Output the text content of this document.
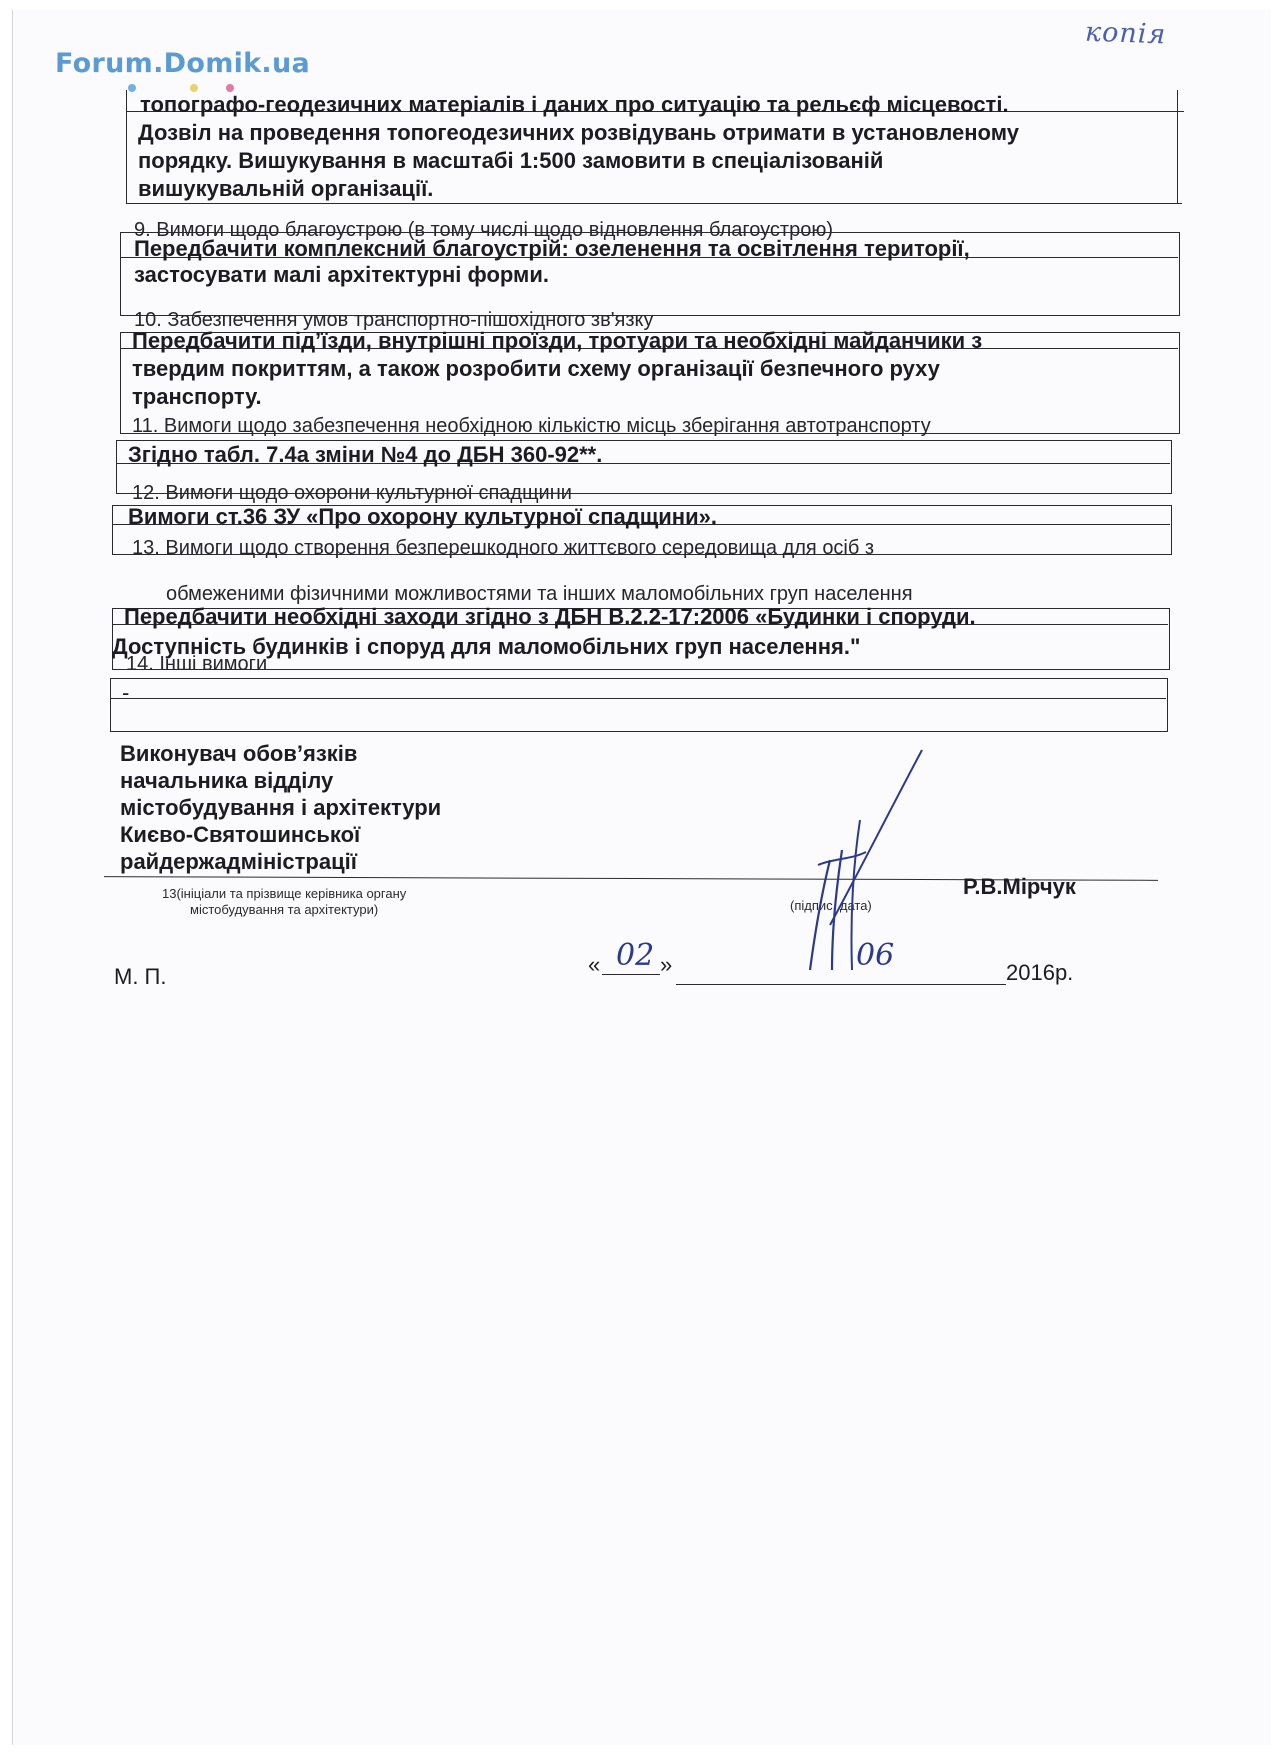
Forum.Domik.ua
копія
топографо-геодезичних матеріалів і даних про ситуацію та рельєф місцевості.
Дозвіл на проведення топогеодезичних розвідувань отримати в установленому
порядку. Вишукування в масштабі 1:500 замовити в спеціалізованій
вишукувальній організації.
9. Вимоги щодо благоустрою (в тому числі щодо відновлення благоустрою)
Передбачити комплексний благоустрій: озеленення та освітлення території,
застосувати малі архітектурні форми.
10. Забезпечення умов транспортно-пішохідного зв'язку
Передбачити під’їзди, внутрішні проїзди, тротуари та необхідні майданчики з
твердим покриттям, а також розробити схему організації безпечного руху
транспорту.
11. Вимоги щодо забезпечення необхідною кількістю місць зберігання автотранспорту
Згідно табл. 7.4а зміни №4 до ДБН 360-92**.
12. Вимоги щодо охорони культурної спадщини
Вимоги ст.36 ЗУ «Про охорону культурної спадщини».
13. Вимоги щодо створення безперешкодного життєвого середовища для осіб з
обмеженими фізичними можливостями та інших маломобільних груп населення
Передбачити необхідні заходи згідно з ДБН В.2.2-17:2006 «Будинки і споруди.
Доступність будинків і споруд для маломобільних груп населення."
14. Інші вимоги
-
Виконувач обов’язків
начальника відділу
містобудування і архітектури
Києво-Святошинської
райдержадміністрації
13(ініціали та прізвище керівника органу
містобудування та архітектури)	(підпис, дата)
Р.В.Мірчук
М. П.	« 02 »	06	2016р.
